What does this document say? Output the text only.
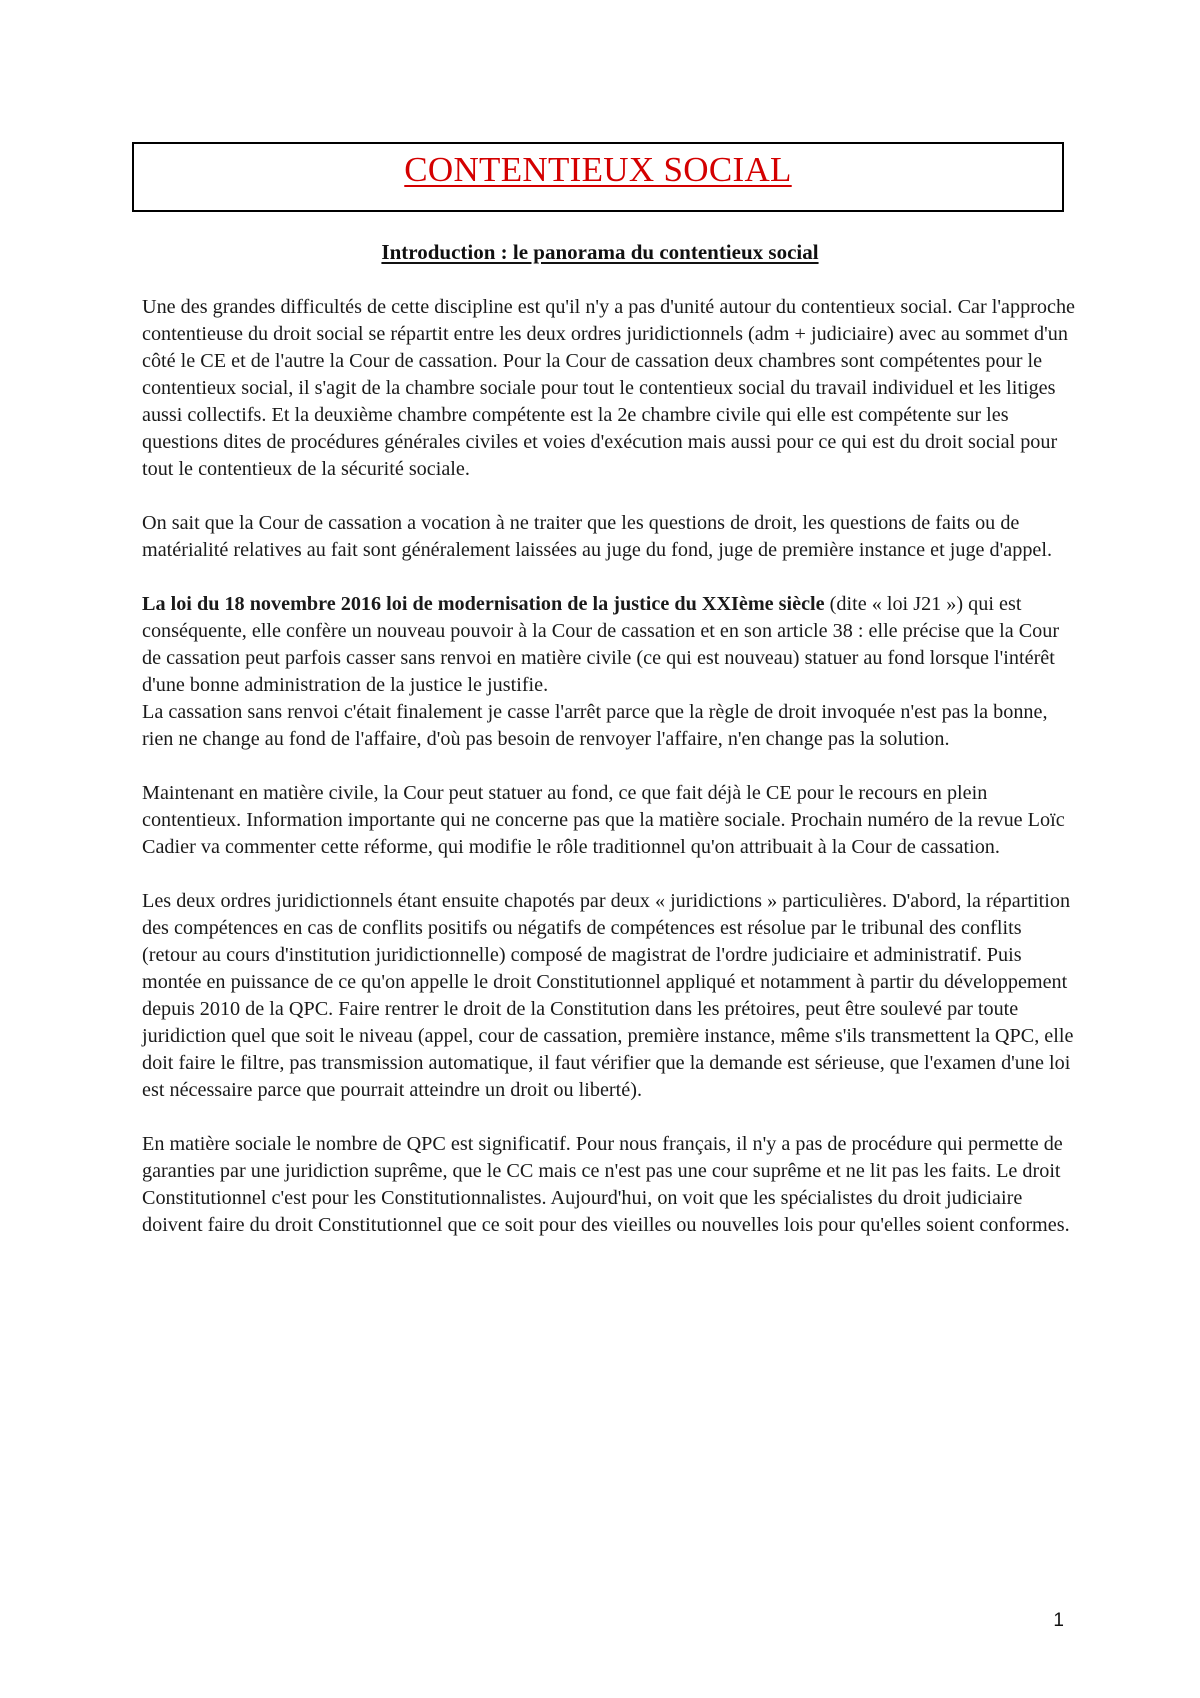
CONTENTIEUX SOCIAL
Introduction : le panorama du contentieux social

Une des grandes difficultés de cette discipline est qu'il n'y a pas d'unité autour du contentieux social. Car l'approche contentieuse du droit social se répartit entre les deux ordres juridictionnels (adm + judiciaire) avec au sommet d'un côté le CE et de l'autre la Cour de cassation. Pour la Cour de cassation deux chambres sont compétentes pour le contentieux social, il s'agit de la chambre sociale pour tout le contentieux social du travail individuel et les litiges aussi collectifs. Et la deuxième chambre compétente est la 2e chambre civile qui elle est compétente sur les questions dites de procédures générales civiles et voies d'exécution mais aussi pour ce qui est du droit social pour tout le contentieux de la sécurité sociale.

On sait que la Cour de cassation a vocation à ne traiter que les questions de droit, les questions de faits ou de matérialité relatives au fait sont généralement laissées au juge du fond, juge de première instance et juge d'appel.

La loi du 18 novembre 2016 loi de modernisation de la justice du XXIème siècle (dite « loi J21 ») qui est conséquente, elle confère un nouveau pouvoir à la Cour de cassation et en son article 38 : elle précise que la Cour de cassation peut parfois casser sans renvoi en matière civile (ce qui est nouveau) statuer au fond lorsque l'intérêt d'une bonne administration de la justice le justifie.

La cassation sans renvoi c'était finalement je casse l'arrêt parce que la règle de droit invoquée n'est pas la bonne, rien ne change au fond de l'affaire, d'où pas besoin de renvoyer l'affaire, n'en change pas la solution.

Maintenant en matière civile, la Cour peut statuer au fond, ce que fait déjà le CE pour le recours en plein contentieux. Information importante qui ne concerne pas que la matière sociale. Prochain numéro de la revue Loïc Cadier va commenter cette réforme, qui modifie le rôle traditionnel qu'on attribuait à la Cour de cassation.

Les deux ordres juridictionnels étant ensuite chapotés par deux « juridictions » particulières. D'abord, la répartition des compétences en cas de conflits positifs ou négatifs de compétences est résolue par le tribunal des conflits (retour au cours d'institution juridictionnelle) composé de magistrat de l'ordre judiciaire et administratif. Puis montée en puissance de ce qu'on appelle le droit Constitutionnel appliqué et notamment à partir du développement depuis 2010 de la QPC. Faire rentrer le droit de la Constitution dans les prétoires, peut être soulevé par toute juridiction quel que soit le niveau (appel, cour de cassation, première instance, même s'ils transmettent la QPC, elle doit faire le filtre, pas transmission automatique, il faut vérifier que la demande est sérieuse, que l'examen d'une loi est nécessaire parce que pourrait atteindre un droit ou liberté).

En matière sociale le nombre de QPC est significatif. Pour nous français, il n'y a pas de procédure qui permette de garanties par une juridiction suprême, que le CC mais ce n'est pas une cour suprême et ne lit pas les faits. Le droit Constitutionnel c'est pour les Constitutionnalistes. Aujourd'hui, on voit que les spécialistes du droit judiciaire doivent faire du droit Constitutionnel que ce soit pour des vieilles ou nouvelles lois pour qu'elles soient conformes.

1
